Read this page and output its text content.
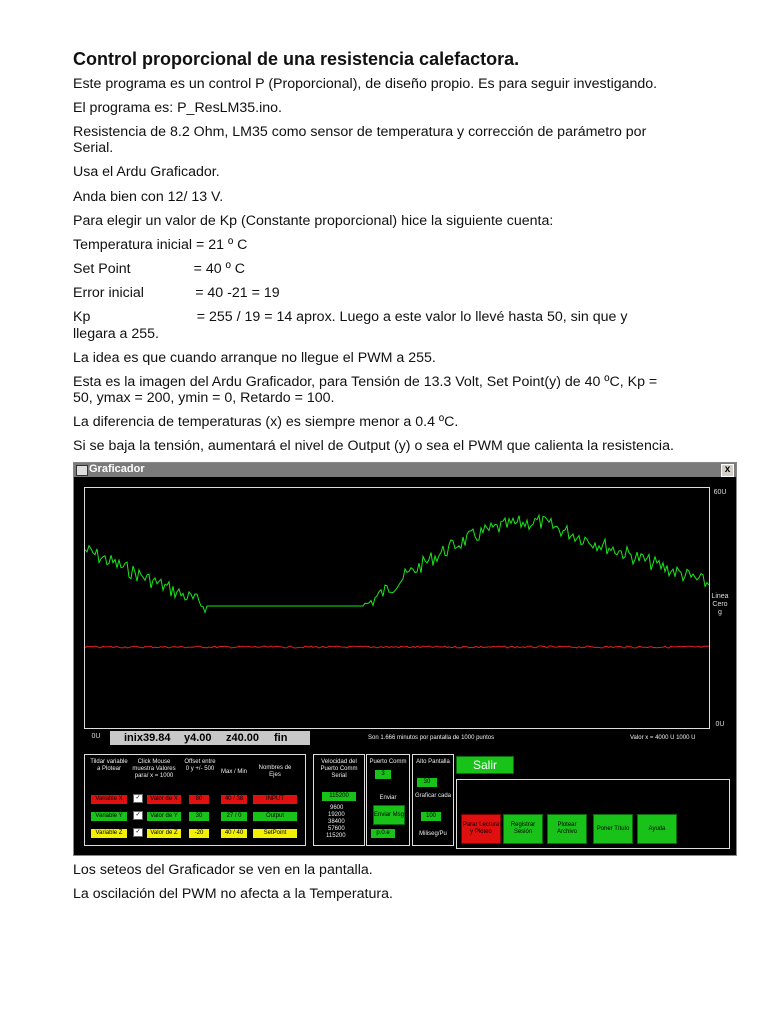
Control proporcional de una resistencia calefactora.
Este programa es un control P (Proporcional), de diseño propio. Es para seguir investigando.
El programa es: P_ResLM35.ino.
Resistencia de 8.2 Ohm, LM35 como sensor de temperatura y corrección de parámetro por
Serial.
Usa el Ardu Graficador.
Anda bien con 12/ 13 V.
Para elegir un valor de Kp (Constante proporcional) hice la siguiente cuenta:
Temperatura inicial = 21 º C
Set Point                = 40 º C
Error inicial             = 40 -21 = 19
Kp                           = 255 / 19 = 14 aprox. Luego a este valor lo llevé hasta 50, sin que y
llegara a 255.
La idea es que cuando arranque no llegue el PWM a 255.
Esta es la imagen del Ardu Graficador, para Tensión de 13.3 Volt, Set Point(y) de 40 ºC, Kp =
50, ymax = 200, ymin = 0, Retardo = 100.
La diferencia de temperaturas (x) es siempre menor a 0.4 ºC.
Si se baja la tensión, aumentará el nivel de Output (y) o sea el PWM que calienta la resistencia.
Graficador	x
60U
Linea
Cero
g
0U
0U	inix39.84 y4.00 z40.00 fin	Son 1.666 minutos por pantalla de 1000 puntos	Valor x = 4000 U 1000 U
Tildar variable a Plotear
Click Mouse muestra Valores para/ x = 1000
Offset entre 0 y +/- 500	Max / Min
Nombres de Ejes
Variable X	✓	Valor de X	80	40 / 38	INPUT
Variable Y	✓	Valor de Y	30	27 / 0	Output
Variable Z	✓	Valor de Z	-20	40 / 40	SetPoint
Velocidad del Puerto Comm Serial
115200
9600
19200
38400
57600
115200
Puerto Comm
3
Enviar
Enviar Msg
p.0.e
Alto Pantalla
30
Graficar cada
100
Miliseg/Pu
Salir
Parar Lectura y Ploteo
Registrar Sesión
Plotear Archivo
Poner Título	Ayuda
Los seteos del Graficador se ven en la pantalla.
La oscilación del PWM no afecta a la Temperatura.
